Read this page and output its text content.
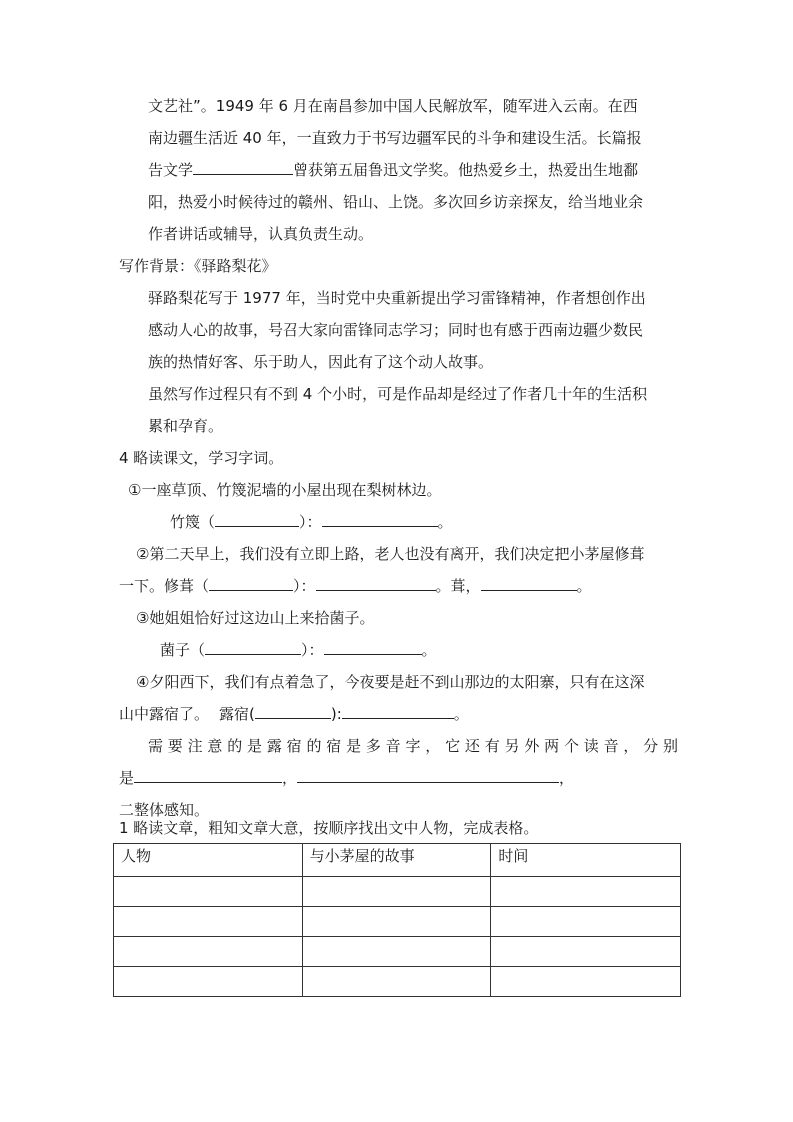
文艺社”。1949 年 6 月在南昌参加中国人民解放军，随军进入云南。在西
南边疆生活近 40 年，一直致力于书写边疆军民的斗争和建设生活。长篇报
告文学	曾获第五届鲁迅文学奖。他热爱乡土，热爱出生地鄱
阳，热爱小时候待过的赣州、铅山、上饶。多次回乡访亲探友，给当地业余
作者讲话或辅导，认真负责生动。
写作背景：《驿路梨花》
驿路梨花写于 1977 年，当时党中央重新提出学习雷锋精神，作者想创作出
感动人心的故事，号召大家向雷锋同志学习；同时也有感于西南边疆少数民
族的热情好客、乐于助人，因此有了这个动人故事。
虽然写作过程只有不到 4 个小时，可是作品却是经过了作者几十年的生活积
累和孕育。
4 略读课文，学习字词。
①一座草顶、竹篾泥墙的小屋出现在梨树林边。
竹篾（	）：	。
②第二天早上，我们没有立即上路，老人也没有离开，我们决定把小茅屋修葺
一下。修葺（	）：	。葺，	。
③她姐姐恰好过这边山上来拾菌子。
菌子（	）：	。
④夕阳西下，我们有点着急了，今夜要是赶不到山那边的太阳寨，只有在这深
山中露宿了。 露宿(	):	。
需要注意的是露宿的宿是多音字，它还有另外两个读音，分别
是	，	，
二整体感知。
1 略读文章，粗知文章大意，按顺序找出文中人物，完成表格。
人物	与小茅屋的故事	时间
